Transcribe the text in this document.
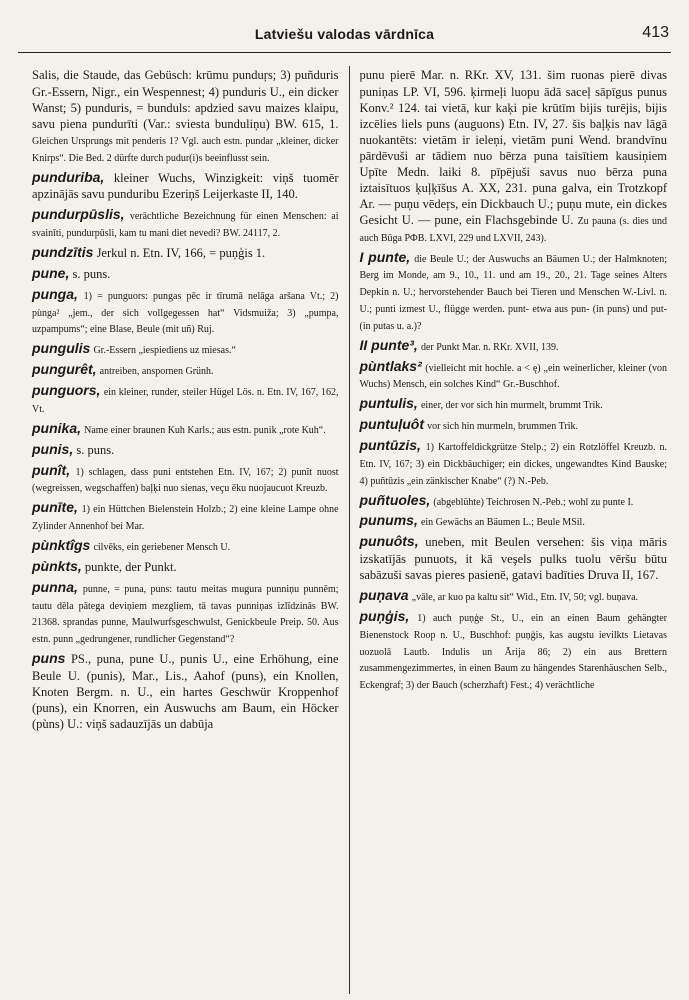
Latviešu valodas vārdnīca	413

Salis, die Staude, das Gebüsch: krūmu punduŗs; 3) puñduris Gr.-Essern, Nigr., ein Wespennest; 4) punduris U., ein dicker Wanst; 5) punduris, = bunduls: apdzied savu maizes klaipu, savu piena pundurīti (Var.: sviesta bunduliņu) BW. 615, 1. Gleichen Ursprungs mit penderis 1? Vgl. auch estn. pundar „kleiner, dicker Knirps“. Die Bed. 2 dürfte durch pudur(i)s beeinflusst sein.

punduriba, kleiner Wuchs, Winzigkeit: viņš tuomēr apzinājās savu punduribu Ezeriņš Leijerkaste II, 140.

pundurpūslis, verächtliche Bezeichnung für einen Menschen: ai svainīti, pundurpūsli, kam tu mani diet nevedi? BW. 24117, 2.

pundzītis Jerkul n. Etn. IV, 166, = puņģis 1.

pune, s. puns.

punga, 1) = punguors: pungas pēc ir tīrumā nelāga aršana Vt.; 2) pùnga² „jem., der sich vollgegessen hat“ Vidsmuiža; 3) „pumpa, uzpampums“; eine Blase, Beule (mit uñ) Ruj.

pungulis Gr.-Essern „iespiediens uz miesas.“

pungurêt, antreiben, anspornen Grünh.

punguors, ein kleiner, runder, steiler Hügel Lös. n. Etn. IV, 167, 162, Vt.

punika, Name einer braunen Kuh Karls.; aus estn. punik „rote Kuh“.

punis, s. puns.

punît, 1) schlagen, dass puni entstehen Etn. IV, 167; 2) punît nuost (wegreissen, wegschaffen) baļķi nuo sienas, veçu ēku nuojaucuot Kreuzb.

punīte, 1) ein Hüttchen Bielenstein Holzb.; 2) eine kleine Lampe ohne Zylinder Annenhof bei Mar.

pùnktîgs cilvēks, ein geriebener Mensch U.

pùnkts, punkte, der Punkt.

punna, punne, = puna, puns: tautu meitas mugura punniņu punnēm; tautu dēla pātega deviņiem mezgliem, tā tavas punniņas izlīdzinās BW. 21368. sprandas punne, Maulwurfsgeschwulst, Genickbeule Preip. 50. Aus estn. punn „gedrungener, rundlicher Gegenstand“?

puns PS., puna, pune U., punis U., eine Erhöhung, eine Beule U. (punis), Mar., Lis., Aahof (puns), ein Knollen, Knoten Bergm. n. U., ein hartes Geschwür Kroppenhof (puns), ein Knorren, ein Auswuchs am Baum, ein Höcker (pùns) U.: viņš sadauzījās un dabūja

punu pierē Mar. n. RKr. XV, 131. šim ruonas pierē divas puniņas LP. VI, 596. ķirmeļi luopu ādā saceļ sāpīgus punus Konv.² 124. tai vietā, kur kaķi pie krūtīm bijis turējis, bijis izcēlies liels puns (auguons) Etn. IV, 27. šis baļķis nav lāgā nuokantēts: vietām ir ieleņi, vietām puni Wend. brandvīnu pārdēvuši ar tādiem nuo bērza puna taisītiem kausiņiem Upīte Medn. laiki 8. pīpējuši savus nuo bērza puna iztaisītuos ķuļķīšus A. XX, 231. puna galva, ein Trotzkopf Ar. — puņu vēdeŗs, ein Dickbauch U.; puņu mute, ein dickes Gesicht U. — pune, ein Flachsgebinde U. Zu pauna (s. dies und auch Būga РФВ. LXVI, 229 und LXVII, 243).

I punte, die Beule U.; der Auswuchs an Bäumen U.; der Halmknoten; Berg im Monde, am 9., 10., 11. und am 19., 20., 21. Tage seines Alters Depkin n. U.; hervorstehender Bauch bei Tieren und Menschen W.-Livl. n. U.; punti izmest U., flügge werden. punt- etwa aus pun- (in puns) und put- (in putas u. a.)?

II punte³, der Punkt Mar. n. RKr. XVII, 139.

pùntlaks² (vielleicht mit hochle. a < ę) „ein weinerlicher, kleiner (von Wuchs) Mensch, ein solches Kind“ Gr.-Buschhof.

puntulis, einer, der vor sich hin murmelt, brummt Trik.

puntuļuôt vor sich hin murmeln, brummen Trik.

puntūzis, 1) Kartoffeldickgrütze Stelp.; 2) ein Rotzlöffel Kreuzb. n. Etn. IV, 167; 3) ein Dickbäuchiger; ein dickes, ungewandtes Kind Bauske; 4) puñtūzis „ein zänkischer Knabe“ (?) N.-Peb.

puñtuoles, (abgeblühte) Teichrosen N.-Peb.; wohl zu punte I.

punums, ein Gewächs an Bäumen L.; Beule MSil.

punuôts, uneben, mit Beulen versehen: šis viņa māris izskatījās punuots, it kā veşels pulks tuolu vēršu būtu sabāzuši savas pieres pasienē, gatavi badīties Druva II, 167.

puņava „vāle, ar kuo pa kaltu sit“ Wid., Etn. IV, 50; vgl. buņava.

puņģis, 1) auch puņģe St., U., ein an einen Baum gehängter Bienenstock Roop n. U., Buschhof: puņģis, kas augstu ievilkts Lietavas uozuolā Lautb. Indulis un Ārija 86; 2) ein aus Brettern zusammengezimmertes, in einen Baum zu hängendes Starenhäuschen Selb., Eckengraf; 3) der Bauch (scherzhaft) Fest.; 4) verächtliche
